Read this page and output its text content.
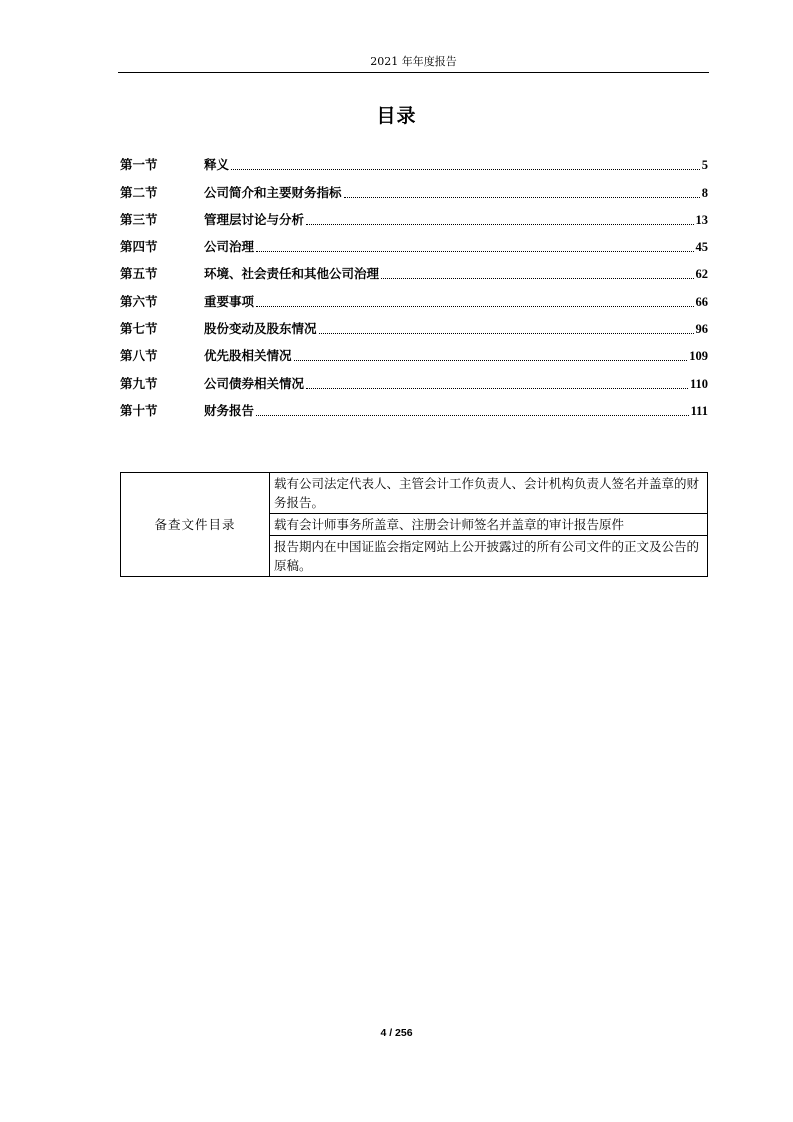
2021 年年度报告
目录
第一节	释义	5
第二节	公司简介和主要财务指标	8
第三节	管理层讨论与分析	13
第四节	公司治理	45
第五节	环境、社会责任和其他公司治理	62
第六节	重要事项	66
第七节	股份变动及股东情况	96
第八节	优先股相关情况	109
第九节	公司债券相关情况	110
第十节	财务报告	111
备查文件目录	载有公司法定代表人、主管会计工作负责人、会计机构负责人签名并盖章的财务报告。
载有会计师事务所盖章、注册会计师签名并盖章的审计报告原件
报告期内在中国证监会指定网站上公开披露过的所有公司文件的正文及公告的原稿。
4 / 256
